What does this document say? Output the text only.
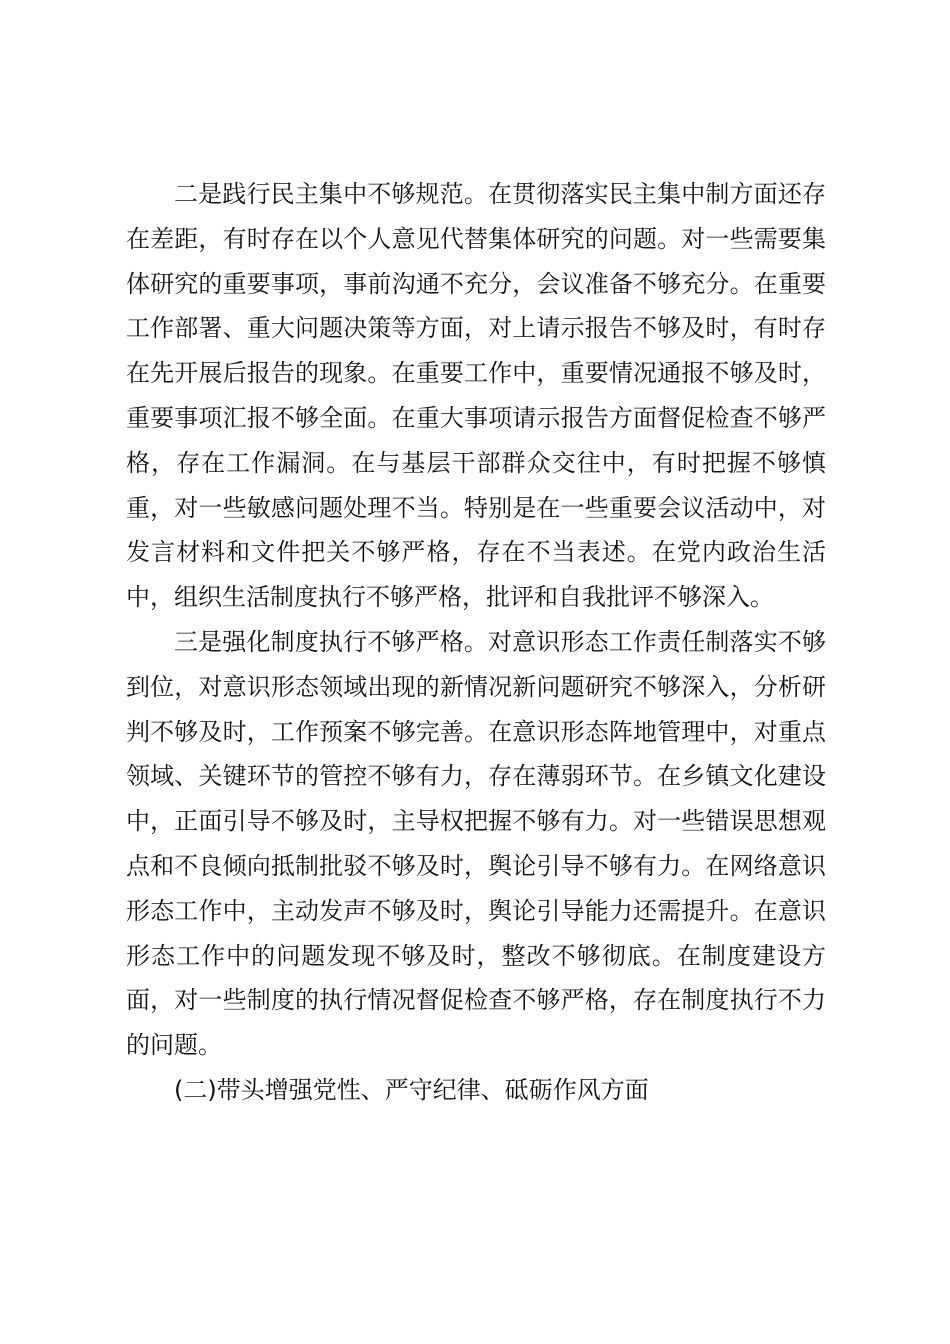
二是践行民主集中不够规范。在贯彻落实民主集中制方面还存在差距，有时存在以个人意见代替集体研究的问题。对一些需要集体研究的重要事项，事前沟通不充分，会议准备不够充分。在重要工作部署、重大问题决策等方面，对上请示报告不够及时，有时存在先开展后报告的现象。在重要工作中，重要情况通报不够及时，重要事项汇报不够全面。在重大事项请示报告方面督促检查不够严格，存在工作漏洞。在与基层干部群众交往中，有时把握不够慎重，对一些敏感问题处理不当。特别是在一些重要会议活动中，对发言材料和文件把关不够严格，存在不当表述。在党内政治生活中，组织生活制度执行不够严格，批评和自我批评不够深入。

三是强化制度执行不够严格。对意识形态工作责任制落实不够到位，对意识形态领域出现的新情况新问题研究不够深入，分析研判不够及时，工作预案不够完善。在意识形态阵地管理中，对重点领域、关键环节的管控不够有力，存在薄弱环节。在乡镇文化建设中，正面引导不够及时，主导权把握不够有力。对一些错误思想观点和不良倾向抵制批驳不够及时，舆论引导不够有力。在网络意识形态工作中，主动发声不够及时，舆论引导能力还需提升。在意识形态工作中的问题发现不够及时，整改不够彻底。在制度建设方面，对一些制度的执行情况督促检查不够严格，存在制度执行不力的问题。

(二)带头增强党性、严守纪律、砥砺作风方面
